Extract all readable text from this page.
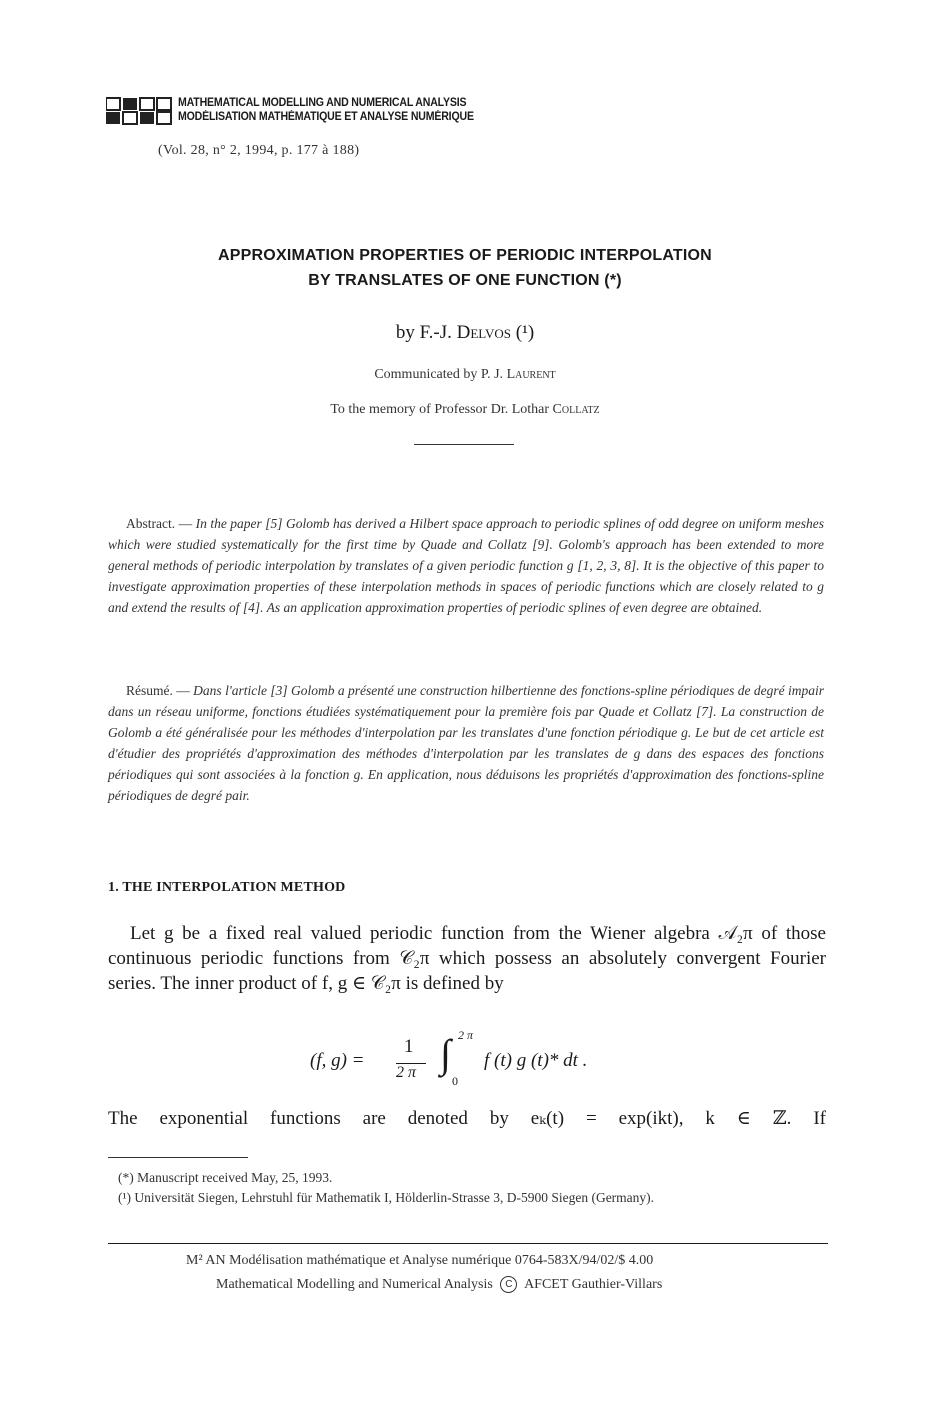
MATHEMATICAL MODELLING AND NUMERICAL ANALYSIS
MODÉLISATION MATHÉMATIQUE ET ANALYSE NUMÉRIQUE
(Vol. 28, n° 2, 1994, p. 177 à 188)
APPROXIMATION PROPERTIES OF PERIODIC INTERPOLATION
BY TRANSLATES OF ONE FUNCTION (*)
by F.-J. Delvos (¹)
Communicated by P. J. Laurent
To the memory of Professor Dr. Lothar Collatz
Abstract. — In the paper [5] Golomb has derived a Hilbert space approach to periodic splines of odd degree on uniform meshes which were studied systematically for the first time by Quade and Collatz [9]. Golomb's approach has been extended to more general methods of periodic interpolation by translates of a given periodic function g [1, 2, 3, 8]. It is the objective of this paper to investigate approximation properties of these interpolation methods in spaces of periodic functions which are closely related to g and extend the results of [4]. As an application approximation properties of periodic splines of even degree are obtained.
Résumé. — Dans l'article [3] Golomb a présenté une construction hilbertienne des fonctions-spline périodiques de degré impair dans un réseau uniforme, fonctions étudiées systématiquement pour la première fois par Quade et Collatz [7]. La construction de Golomb a été généralisée pour les méthodes d'interpolation par les translates d'une fonction périodique g. Le but de cet article est d'étudier des propriétés d'approximation des méthodes d'interpolation par les translates de g dans des espaces des fonctions périodiques qui sont associées à la fonction g. En application, nous déduisons les propriétés d'approximation des fonctions-spline périodiques de degré pair.
1. THE INTERPOLATION METHOD
Let g be a fixed real valued periodic function from the Wiener algebra 𝒜₂π of those continuous periodic functions from 𝒞₂π which possess an absolutely convergent Fourier series. The inner product of f, g ∈ 𝒞₂π is defined by
(f, g) =
1
2 π ∫ 2 π
0
f (t) g (t)* dt .
The exponential functions are denoted by eₖ(t) = exp(ikt), k ∈ ℤ. If
(*) Manuscript received May, 25, 1993.
(¹) Universität Siegen, Lehrstuhl für Mathematik I, Hölderlin-Strasse 3, D-5900 Siegen (Germany).
M² AN Modélisation mathématique et Analyse numérique 0764-583X/94/02/$ 4.00
Mathematical Modelling and Numerical Analysis C AFCET Gauthier-Villars
